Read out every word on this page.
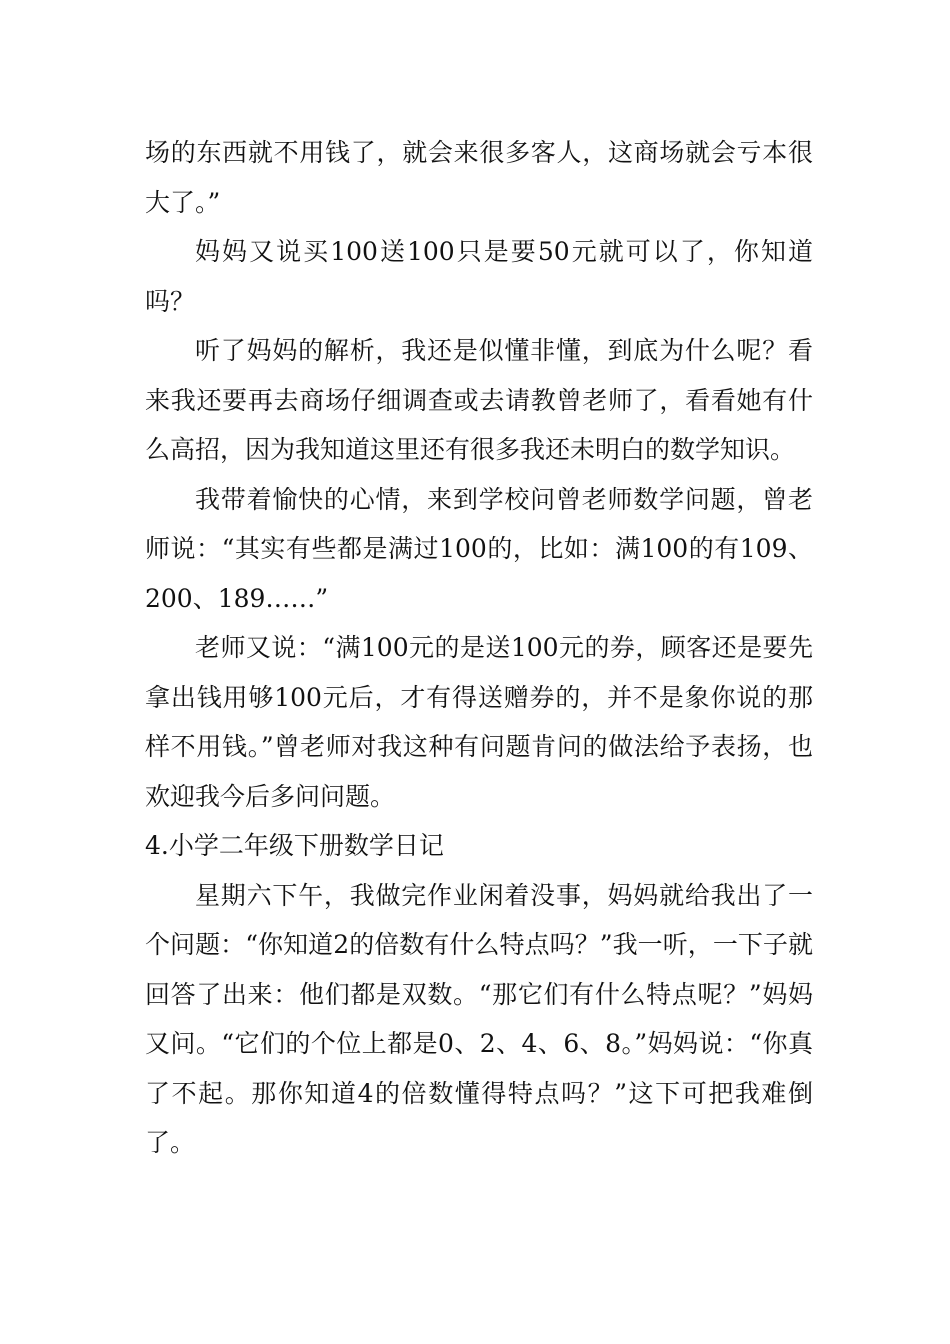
场的东西就不用钱了，就会来很多客人，这商场就会亏本很大了。”

妈妈又说买100送100只是要50元就可以了，你知道吗？

听了妈妈的解析，我还是似懂非懂，到底为什么呢？看来我还要再去商场仔细调查或去请教曾老师了，看看她有什么高招，因为我知道这里还有很多我还未明白的数学知识。

我带着愉快的心情，来到学校问曾老师数学问题，曾老师说：“其实有些都是满过100的，比如：满100的有109、200、189……”

老师又说：“满100元的是送100元的券，顾客还是要先拿出钱用够100元后，才有得送赠券的，并不是象你说的那样不用钱。”曾老师对我这种有问题肯问的做法给予表扬，也欢迎我今后多问问题。

4.小学二年级下册数学日记

星期六下午，我做完作业闲着没事，妈妈就给我出了一个问题：“你知道2的倍数有什么特点吗？”我一听，一下子就回答了出来：他们都是双数。“那它们有什么特点呢？”妈妈又问。“它们的个位上都是0、2、4、6、8。”妈妈说：“你真了不起。那你知道4的倍数懂得特点吗？”这下可把我难倒了。
